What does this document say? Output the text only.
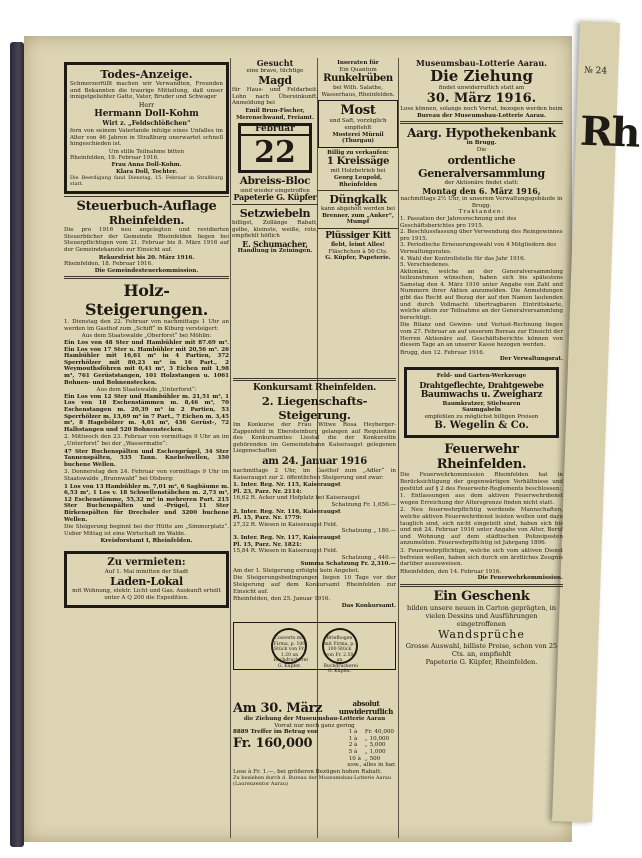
№ 24
Rh
Todes-Anzeige.
Schmerzerfüllt machen wir Verwandten, Freunden und Bekannten die traurige Mitteilung, daß unser innigstgeliebter Gatte, Vater, Bruder und Schwager
Herr
Hermann Doll-Kohm
Wirt z. „Feldschlößchen“
fern von seinem Vaterlande infolge eines Unfalles im Alter von 46 Jahren in Straßburg unerwartet schnell hingeschieden ist.
Um stille Teilnahme bitten
Rheinfelden, 19. Februar 1916.
Frau Anna Doll-Kohm.
Klara Doll, Tochter.
Die Beerdigung fand Dienstag, 15. Februar in Straßburg statt.
Steuerbuch-Auflage
Rheinfelden.
Die pro 1916 neu angelegten und revidierten Steuerbücher der Gemeinde Rheinfelden liegen bei Steuerpflichtigen vom 21. Februar bis 8. März 1916 auf der Gemeindekanzlei zur Einsicht auf.
Rekursfrist bis 20. März 1916.
Rheinfelden, 18. Februar 1916.
Die Gemeindesteuerkommission.
Holz-Steigerungen.
1. Dienstag den 22. Februar von nachmittags 1 Uhr an werden im Gasthof zum „Schiff“ in Kiburg versteigert:
Aus dem Staatswalde „Oberforst“ bei Möhlin:
Ein Los von 48 Ster und Hambühler mit 87.69 m³. Ein Los von 17 Ster u. Hambühler mit 20,56 m³. 26 Hambühler mit 16,61 m³ in 4 Partien, 372 Sperrhölzer mit 80,23 m³ in 16 Part., 2 Weymouthsföhren mit 0,41 m³, 3 Eichen mit 1,98 m³, 761 Gerüststangen, 101 Holzstangen u. 1061 Bohnen- und Bohnenstecken.
Aus dem Staatswalde „Unterforst“:
Ein Los von 12 Ster und Hambühler m. 21,51 m³, 1 Los von 18 Eschenstämmen m. 8,46 m³, 70 Eschenstangen m. 20,39 m³ in 2 Partien, 53 Sperrhölzer m. 13,69 m³ in 7 Part., 7 Eichen m. 3,45 m³, 8 Hagebölzer m. 4,01 m³, 436 Gerüst-, 72 Halbstangen und 520 Bohnenstecken.
2. Mittwoch den 23. Februar von vormittags 9 Uhr an im „Unterforst“ bei der „Wassermatte“:
47 Ster Buchenspälten und Eschenprügel, 34 Ster Tannenspälten, 535 Tann. Knebelwellen, 350 buchene Wellen.
3. Donnerstag den 24. Februar von vormittags 9 Uhr im Staatswalde „Brunnwald“ bei Olsberg:
1 Los von 13 Hambühler m. 7,01 m³, 6 Sagbäume m. 6,53 m³, 1 Los v. 18 Schwellenstäbchen m. 2,73 m³, 12 Eschenstämme, 55,32 m³ in mehreren Part. 215 Ster Buchenspälten und -Prügel, 11 Ster Birkenspälten für Drechsler und 3200 buchene Wellen.
Die Steigerung beginnt bei der Hütte am „Simmerplatz“. Ueber Mittag ist eine Wirtschaft im Walde.
Kreisforstamt I, Rheinfelden.
Zu vermieten:
Auf 1. Mai inmitten der Stadt
Laden-Lokal
mit Wohnung, elektr. Licht und Gas. Auskunft erteilt unter A Q 200 die Expedition.
Gesucht
eine brave, tüchtige
Magd
für Haus- und Feldarbeit. Lohn nach Übereinkunft. Anmeldung bei
Emil Brun-Fischer, Merenschwand, Freiamt.
Februar
22
Abreiss-Bloc
sind wieder eingetroffen
Papeterie G. Küpfer
Setzwiebeln
billigst, Zollänge Rabatt, gelbe, kleinste, weiße, rote, empfiehlt höflich
E. Schumacher,
Handlung in Zeiningen.
Inseraten für
Ein Quantum
Runkelrüben
bei Wilh. Salathe, Wasserhaus, Rheinfelden.
Most
und Saft, vorzüglich empfiehlt
Mosterei Mürnil (Thurgau)
Billig zu verkaufen:
1 Kreissäge
mit Holzbetrieb bei
Georg Leupold, Rheinfelden
Düngkalk
kann abgeholt werden bei
Brenner, zum „Anker“, Mumpf
Plüssiger Kitt
flebt, leimt Alles!
Fläschchen à 50 Cts.
G. Küpfer, Papeterie.
Konkursamt Rheinfelden.
2. Liegenschafts-Steigerung.
Im Konkurse der Frau Witwe Rosa Heyberger-Zappenfeld in Ebersteinburg gelangen auf Requisition des Konkursamtes Liestal die der Konkursitin gehörenden im Gemeindebann Kaiseraugst gelegenen Liegenschaften
am 24. Januar 1916
nachmittags 2 Uhr, im Gasthof zum „Adler“ in Kaiseraugst zur 2. öffentlichen Steigerung und zwar:
1. Inter. Reg. Nr. 115, Kaiseraugst
Pl. 23, Parz. Nr. 2114:
16,62 R. Acker und Hofplatz bei Kaiseraugst
Schatzung Fr. 1,650.—
2. Inter. Reg. Nr. 116, Kaiseraugst
Pl. 15, Parz. Nr. 1779:
27,32 R. Wiesen in Kaiseraugst Feld.
Schatzung „ 180.—
3. Inter. Reg. Nr. 117, Kaiseraugst
Pl. 15, Parz. Nr. 1821:
15,84 R. Wiesen in Kaiseraugst Feld.
Schatzung „ 440.—
Summa Schatzung Fr. 2,310.—
Am der 1. Steigerung erfolgte kein Angebot.
Die Steigerungsbedingungen liegen 10 Tage vor der Steigerung auf dem Konkursamt Rheinfelden zur Einsicht auf.
Rheinfelden, den 25. Januar 1916.
Das Konkursamt.
Couverts mit Firma, p. 100 Stück von Fr. 1.20 an Buchdruckerei G. Küpfer.

Briefbogen mit Firma, p. 100 Stück von Fr. 2.50 an Buchdruckerei G. Küpfer.
Am 30. März	absolut unwiderruflich
die Ziehung der Museumsbau-Lotterie Aarau
Vorrat nur noch ganz gering
8889 Treffer im Betrag von
Fr. 160,000
1 à	Fr. 40,000
1 à	„ 10,000
2 à	„ 5,000
5 à	„ 1,000
10 à	„ 500
usw., alles in bar.
Lose à Fr. 1.—, bei größeren Bezügen hohen Rabatt.
Zu beziehen durch d. Bureau der Museumsbau-Lotterie Aarau (Laurenzentor Aarau)
Museumsbau-Lotterie Aarau.
Die Ziehung
findet unwiderruflich statt am
30. März 1916.
Lose können, solange noch Vorrat, bezogen werden beim
Bureau der Museumsbau-Lotterie Aarau.
Aarg. Hypothekenbank
in Brugg.
Die
ordentliche Generalversammlung
der Aktionäre findet statt:
Montag den 6. März 1916,
nachmittags 2½ Uhr, in unserem Verwaltungsgebäude in Brugg.
Traktanden:
1. Passation der Jahresrechnung und des Geschäftsberichtes pro 1915.
2. Beschlussfassung über Verwendung des Reingewinnes pro 1915.
3. Periodische Erneuerungswahl von 4 Mitgliedern des Verwaltungsrates.
4. Wahl der Kontrollstelle für das Jahr 1916.
5. Verschiedenes.
Aktionäre, welche an der Generalversammlung teilzunehmen wünschen, haben sich bis spätestens Samstag den 4. März 1916 unter Angabe von Zahl und Nummern ihrer Aktien anzumelden. Die Anmeldungen gibt das Recht auf Bezug der auf den Namen lautenden und durch Vollmacht übertragbaren Eintrittskarte, welche allein zur Teilnahme an der Generalversammlung berechtigt.
Die Bilanz und Gewinn- und Verlust-Rechnung liegen vom 27. Februar an auf unserem Bureau zur Einsicht der Herren Aktionäre auf. Geschäftsberichte können von diesem Tage an an unserer Kasse bezogen werden.
Brugg, den 12. Februar 1916.
Der Verwaltungsrat.
Feld- und Garten-Werkzeuge
Drahtgeflechte, Drahtgewebe
Baumwachs u. Zweigharz
Baumkratzer, Stielwaren
Saumgabeln
empfehlen zu möglichst billigen Preisen
B. Wegelin & Co.
Feuerwehr Rheinfelden.
Die Feuerwehrkommission Rheinfelden hat in Berücksichtigung der gegenwärtigen Verhältnisse und gestützt auf § 2 des Feuerwehr-Reglements beschlossen:
1. Entlassungen aus dem aktiven Feuerwehrdienst wegen Erreichung der Altersgrenze finden nicht statt.
2. Neu feuerwehrpflichtig werdende Mannschaften, welche aktiven Feuerwehrdienst leisten wollen und dazu tauglich sind, sich nicht eingeteilt sind, haben sich bis und mit 24. Februar 1916 unter Angabe von Alter, Beruf und Wohnung auf dem städtischen Polizeiposten anzumelden. Feuerwehrpflichtig ist Jahrgang 1896.
3. Feuerwehrpflichtige, welche sich vom aktiven Dienst befreien wollen, haben sich durch ein ärztliches Zeugnis darüber auszuweisen.
Rheinfelden, den 14. Februar 1916.
Die Feuerwehrkommission.
Ein Geschenk
bilden unsere neuen in Carton geprägten, in vielen Dessins und Ausführungen eingetroffenen
Wandsprüche
Grosse Auswahl, billiste Preise, schon von 25 Cts. an, empfiehlt
Papeterie G. Küpfer, Rheinfelden.
